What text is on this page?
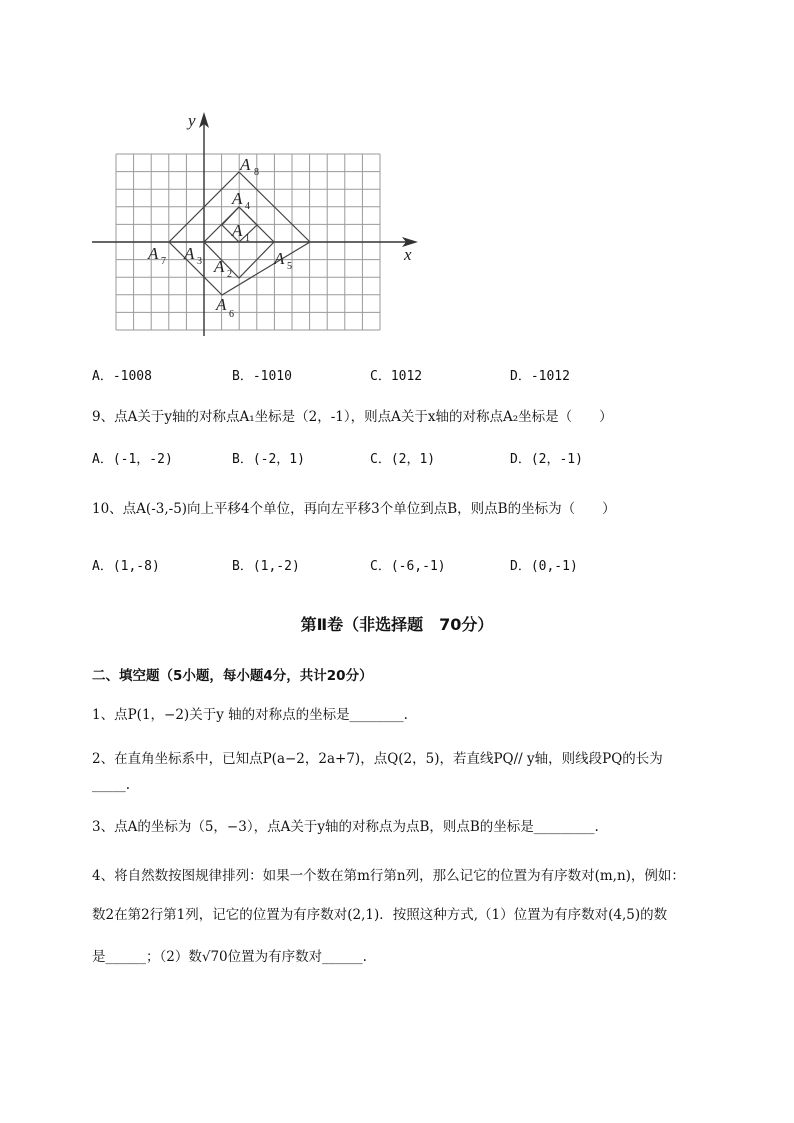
y
x
A 8
A 4
A 1
A 7 A 3 A 2
A 5
A
6
A．-1008	B．-1010	C．1012	D．-1012
9、点A关于y轴的对称点A₁坐标是（2，-1），则点A关于x轴的对称点A₂坐标是（　　）
A．(-1，-2)	B．(-2，1)	C．(2，1)	D．(2，-1)
10、点A(-3,-5)向上平移4个单位，再向左平移3个单位到点B，则点B的坐标为（　　）
A．(1,-8)	B．(1,-2)	C．(-6,-1)	D．(0,-1)
第Ⅱ卷（非选择题　70分）
二、填空题（5小题，每小题4分，共计20分）
1、点P(1，−2)关于y 轴的对称点的坐标是________.
2、在直角坐标系中，已知点P(a−2，2a+7)，点Q(2，5)，若直线PQ// y轴，则线段PQ的长为
_____.
3、点A的坐标为（5，−3），点A关于y轴的对称点为点B，则点B的坐标是_________.
4、将自然数按图规律排列：如果一个数在第m行第n列，那么记它的位置为有序数对(m,n)，例如：
数2在第2行第1列，记它的位置为有序数对(2,1)．按照这种方式,（1）位置为有序数对(4,5)的数
是______；（2）数√70位置为有序数对______.
